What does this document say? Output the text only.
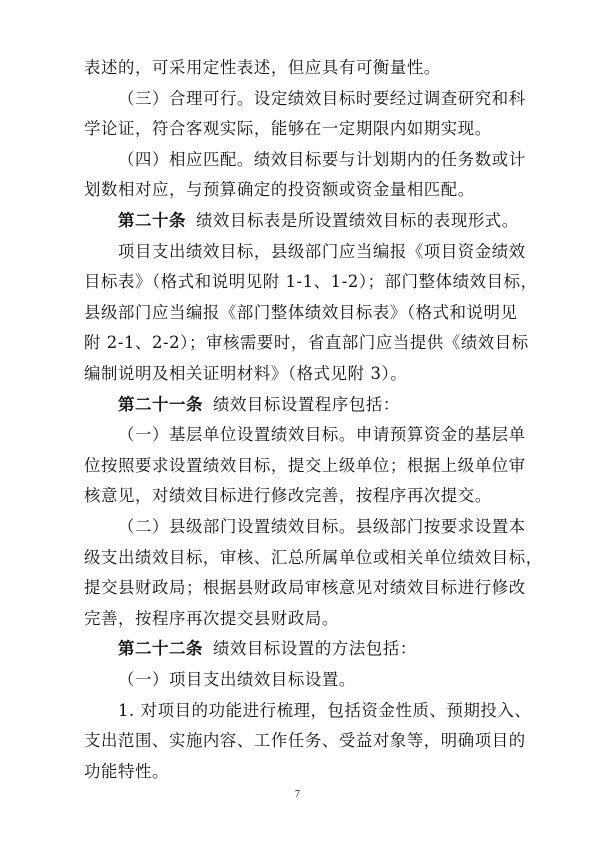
表述的，可采用定性表述，但应具有可衡量性。
（三）合理可行。设定绩效目标时要经过调查研究和科
学论证，符合客观实际，能够在一定期限内如期实现。
（四）相应匹配。绩效目标要与计划期内的任务数或计
划数相对应，与预算确定的投资额或资金量相匹配。
第二十条 绩效目标表是所设置绩效目标的表现形式。
项目支出绩效目标，县级部门应当编报《项目资金绩效
目标表》（格式和说明见附 1-1、1-2）；部门整体绩效目标，
县级部门应当编报《部门整体绩效目标表》（格式和说明见
附 2-1、2-2）；审核需要时，省直部门应当提供《绩效目标
编制说明及相关证明材料》（格式见附 3）。
第二十一条 绩效目标设置程序包括：
（一）基层单位设置绩效目标。申请预算资金的基层单
位按照要求设置绩效目标，提交上级单位；根据上级单位审
核意见，对绩效目标进行修改完善，按程序再次提交。
（二）县级部门设置绩效目标。县级部门按要求设置本
级支出绩效目标，审核、汇总所属单位或相关单位绩效目标，
提交县财政局；根据县财政局审核意见对绩效目标进行修改
完善，按程序再次提交县财政局。
第二十二条 绩效目标设置的方法包括：
（一）项目支出绩效目标设置。
1. 对项目的功能进行梳理，包括资金性质、预期投入、
支出范围、实施内容、工作任务、受益对象等，明确项目的
功能特性。
7
